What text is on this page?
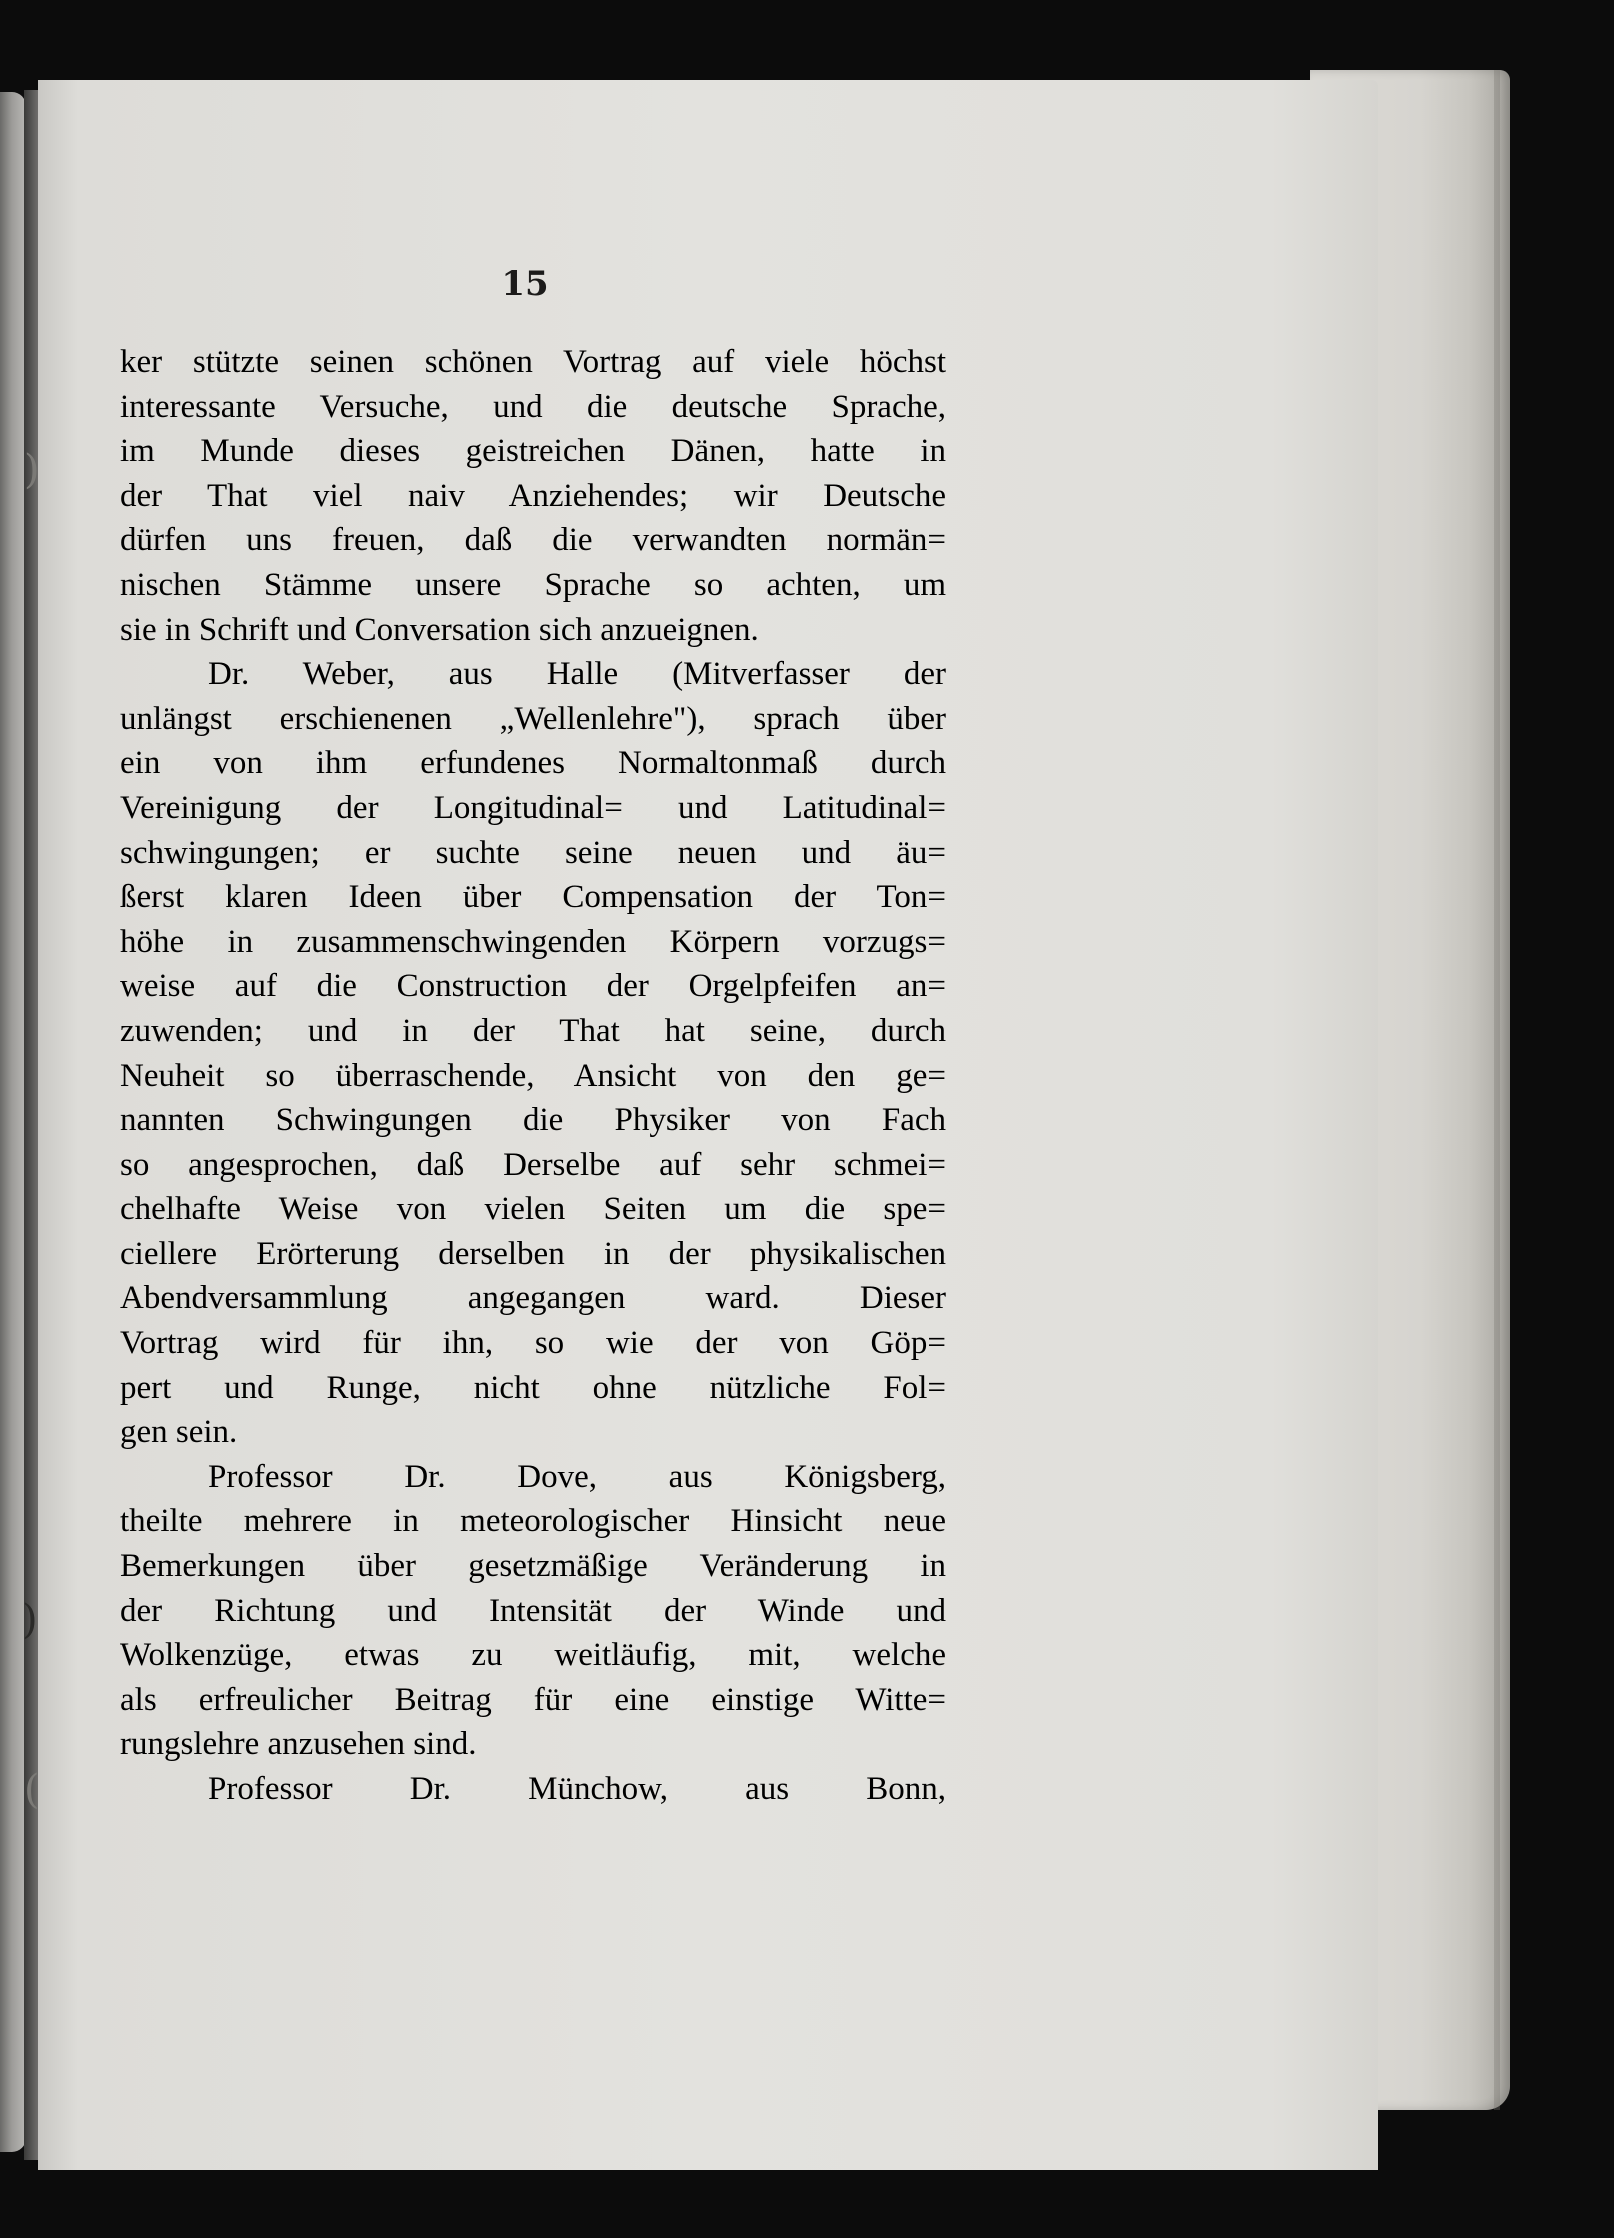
)
)
(
15
ker stützte seinen schönen Vortrag auf viele höchst
interessante Versuche, und die deutsche Sprache,
im Munde dieses geistreichen Dänen, hatte in
der That viel naiv Anziehendes; wir Deutsche
dürfen uns freuen, daß die verwandten normän=
nischen Stämme unsere Sprache so achten, um
sie in Schrift und Conversation sich anzueignen.
Dr. Weber, aus Halle (Mitverfasser der
unlängst erschienenen „Wellenlehre"), sprach über
ein von ihm erfundenes Normaltonmaß durch
Vereinigung der Longitudinal= und Latitudinal=
schwingungen; er suchte seine neuen und äu=
ßerst klaren Ideen über Compensation der Ton=
höhe in zusammenschwingenden Körpern vorzugs=
weise auf die Construction der Orgelpfeifen an=
zuwenden; und in der That hat seine, durch
Neuheit so überraschende, Ansicht von den ge=
nannten Schwingungen die Physiker von Fach
so angesprochen, daß Derselbe auf sehr schmei=
chelhafte Weise von vielen Seiten um die spe=
ciellere Erörterung derselben in der physikalischen
Abendversammlung angegangen ward. Dieser
Vortrag wird für ihn, so wie der von Göp=
pert und Runge, nicht ohne nützliche Fol=
gen sein.
Professor Dr. Dove, aus Königsberg,
theilte mehrere in meteorologischer Hinsicht neue
Bemerkungen über gesetzmäßige Veränderung in
der Richtung und Intensität der Winde und
Wolkenzüge, etwas zu weitläufig, mit, welche
als erfreulicher Beitrag für eine einstige Witte=
rungslehre anzusehen sind.
Professor Dr. Münchow, aus Bonn,
